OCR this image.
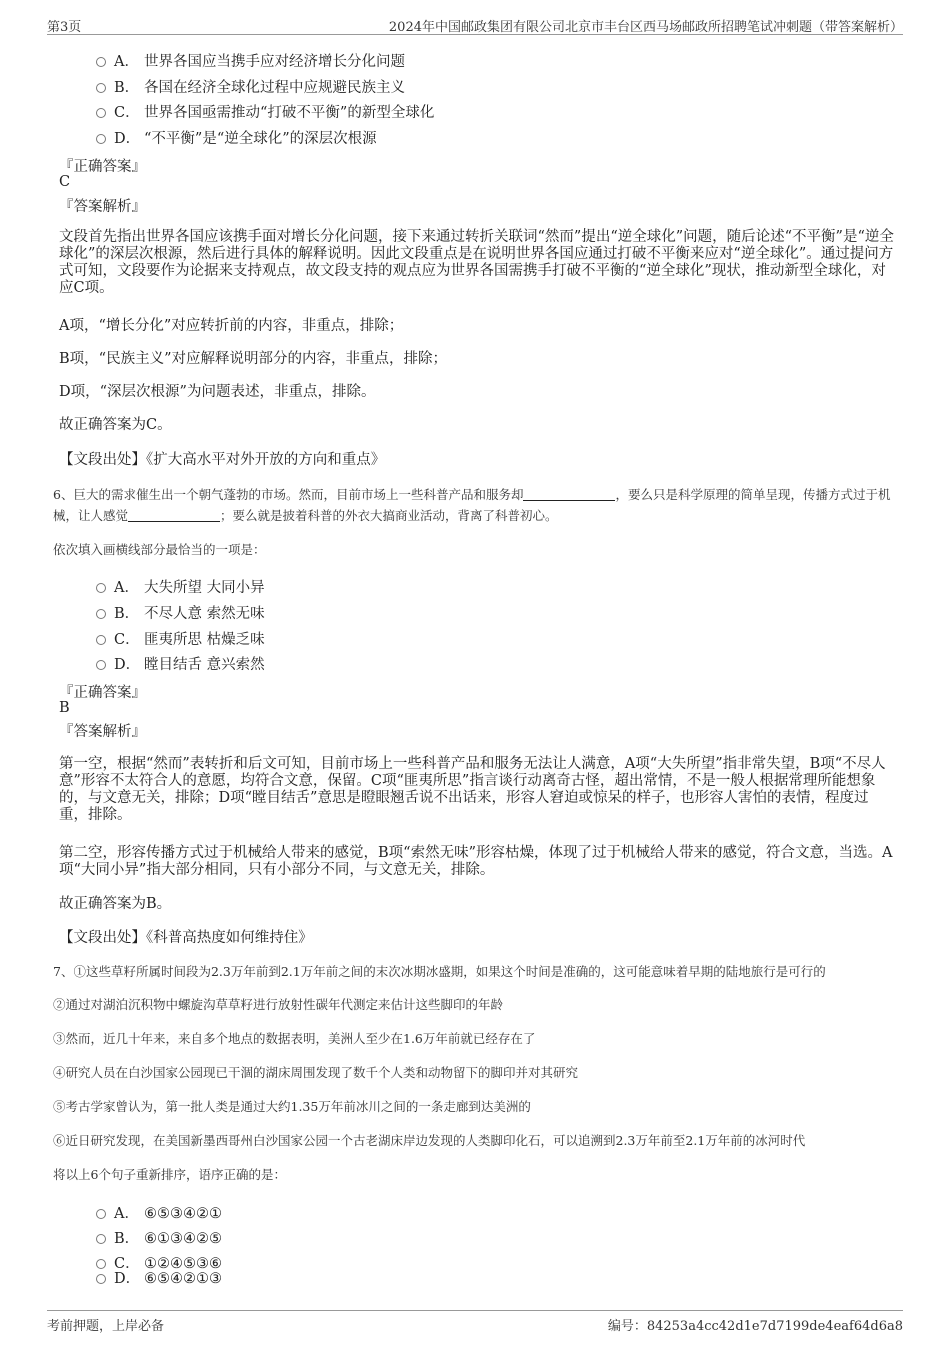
第3页	2024年中国邮政集团有限公司北京市丰台区西马场邮政所招聘笔试冲刺题（带答案解析）
A． 世界各国应当携手应对经济增长分化问题
B． 各国在经济全球化过程中应规避民族主义
C． 世界各国亟需推动“打破不平衡”的新型全球化
D． “不平衡”是“逆全球化”的深层次根源
『正确答案』
C
『答案解析』
文段首先指出世界各国应该携手面对增长分化问题，接下来通过转折关联词“然而”提出“逆全球化”问题，随后论述“不平衡”是“逆全球化”的深层次根源，然后进行具体的解释说明。因此文段重点是在说明世界各国应通过打破不平衡来应对“逆全球化”。通过提问方式可知，文段要作为论据来支持观点，故文段支持的观点应为世界各国需携手打破不平衡的“逆全球化”现状，推动新型全球化，对应C项。
A项，“增长分化”对应转折前的内容，非重点，排除；
B项，“民族主义”对应解释说明部分的内容，非重点，排除；
D项，“深层次根源”为问题表述，非重点，排除。
故正确答案为C。
【文段出处】《扩大高水平对外开放的方向和重点》
6、巨大的需求催生出一个朝气蓬勃的市场。然而，目前市场上一些科普产品和服务却	，要么只是科学原理的简单呈现，传播方式过于机械，让人感觉	；要么就是披着科普的外衣大搞商业活动，背离了科普初心。
依次填入画横线部分最恰当的一项是：
A． 大失所望 大同小异
B． 不尽人意 索然无味
C． 匪夷所思 枯燥乏味
D． 瞠目结舌 意兴索然
『正确答案』
B
『答案解析』
第一空，根据“然而”表转折和后文可知，目前市场上一些科普产品和服务无法让人满意，A项“大失所望”指非常失望，B项“不尽人意”形容不太符合人的意愿，均符合文意，保留。C项“匪夷所思”指言谈行动离奇古怪，超出常情，不是一般人根据常理所能想象的，与文意无关，排除；D项“瞠目结舌”意思是瞪眼翘舌说不出话来，形容人窘迫或惊呆的样子，也形容人害怕的表情，程度过重，排除。
第二空，形容传播方式过于机械给人带来的感觉，B项“索然无味”形容枯燥，体现了过于机械给人带来的感觉，符合文意，当选。A项“大同小异”指大部分相同，只有小部分不同，与文意无关，排除。
故正确答案为B。
【文段出处】《科普高热度如何维持住》
7、①这些草籽所属时间段为2.3万年前到2.1万年前之间的末次冰期冰盛期，如果这个时间是准确的，这可能意味着早期的陆地旅行是可行的
②通过对湖泊沉积物中螺旋沟草草籽进行放射性碳年代测定来估计这些脚印的年龄
③然而，近几十年来，来自多个地点的数据表明，美洲人至少在1.6万年前就已经存在了
④研究人员在白沙国家公园现已干涸的湖床周围发现了数千个人类和动物留下的脚印并对其研究
⑤考古学家曾认为，第一批人类是通过大约1.35万年前冰川之间的一条走廊到达美洲的
⑥近日研究发现，在美国新墨西哥州白沙国家公园一个古老湖床岸边发现的人类脚印化石，可以追溯到2.3万年前至2.1万年前的冰河时代
将以上6个句子重新排序，语序正确的是：
A． ⑥⑤③④②①
B． ⑥①③④②⑤
C． ①②④⑤③⑥
D． ⑥⑤④②①③
考前押题，上岸必备	编号：84253a4cc42d1e7d7199de4eaf64d6a8
